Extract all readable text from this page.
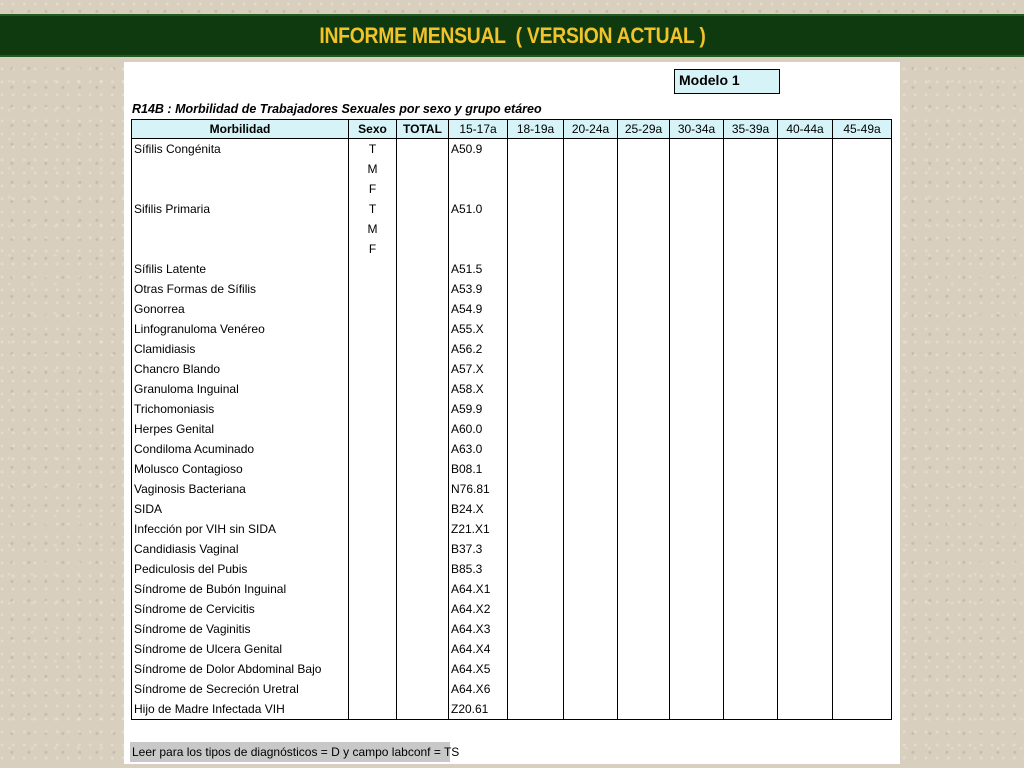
INFORME MENSUAL ( VERSION ACTUAL )
Modelo 1
R14B : Morbilidad de Trabajadores Sexuales por sexo y grupo etáreo
Morbilidad	Sexo	TOTAL	15-17a	18-19a	20-24a	25-29a	30-34a	35-39a	40-44a	45-49a
Sífilis Congénita	T		A50.9							
	M									
	F									
Sifilis Primaria	T		A51.0							
	M									
	F									
Sífilis Latente			A51.5							
Otras Formas de Sífilis			A53.9							
Gonorrea			A54.9							
Linfogranuloma Venéreo			A55.X							
Clamidiasis			A56.2							
Chancro Blando			A57.X							
Granuloma Inguinal			A58.X							
Trichomoniasis			A59.9							
Herpes Genital			A60.0							
Condiloma Acuminado			A63.0							
Molusco Contagioso			B08.1							
Vaginosis Bacteriana			N76.81							
SIDA			B24.X							
Infección por VIH sin SIDA			Z21.X1							
Candidiasis Vaginal			B37.3							
Pediculosis del Pubis			B85.3							
Síndrome de Bubón Inguinal			A64.X1							
Síndrome de Cervicitis			A64.X2							
Síndrome de Vaginitis			A64.X3							
Síndrome de Ulcera Genital			A64.X4							
Síndrome de Dolor Abdominal Bajo			A64.X5							
Síndrome de Secreción Uretral			A64.X6							
Hijo de Madre Infectada VIH			Z20.61							
Leer para los tipos de diagnósticos = D y campo labconf = TS
